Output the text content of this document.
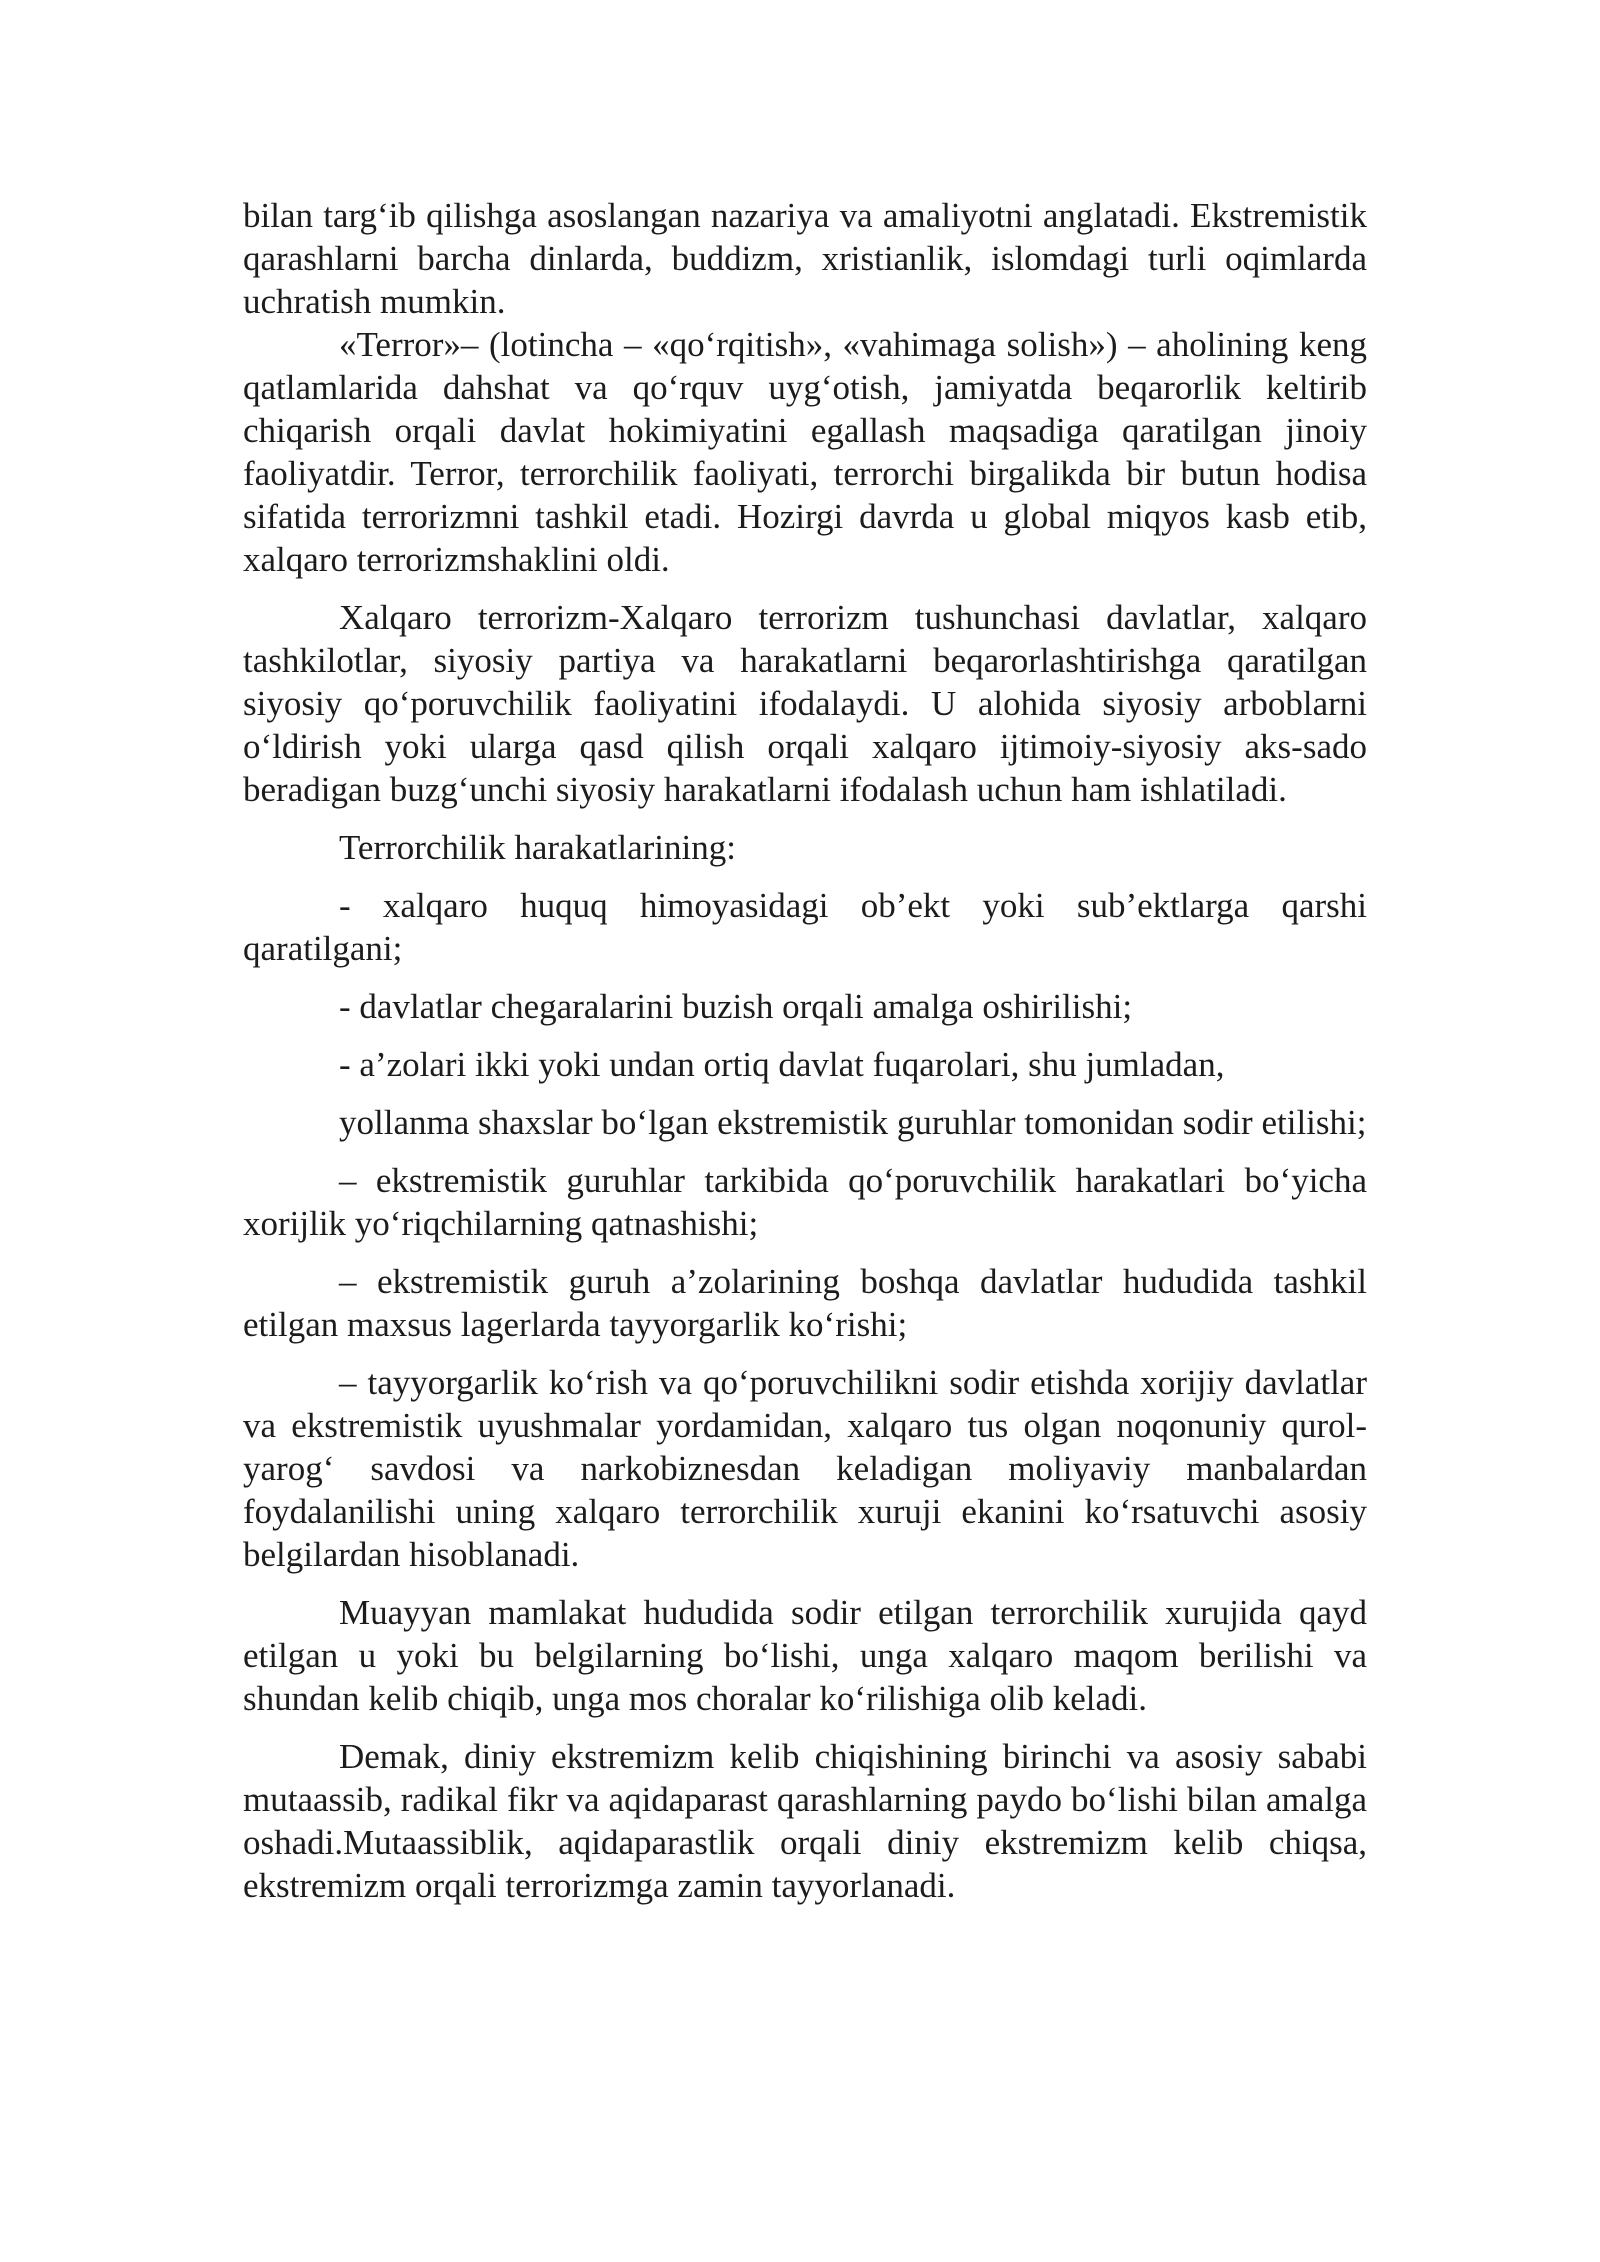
bilan targ‘ib qilishga asoslangan nazariya va amaliyotni anglatadi. Ekstremistik qarashlarni barcha dinlarda, buddizm, xristianlik, islomdagi turli oqimlarda uchratish mumkin.

«Terror»– (lotincha – «qo‘rqitish», «vahimaga solish») – aholining keng qatlamlarida dahshat va qo‘rquv uyg‘otish, jamiyatda beqarorlik keltirib chiqarish orqali davlat hokimiyatini egallash maqsadiga qaratilgan jinoiy faoliyatdir. Terror, terrorchilik faoliyati, terrorchi birgalikda bir butun hodisa sifatida terrorizmni tashkil etadi. Hozirgi davrda u global miqyos kasb etib, xalqaro terrorizmshaklini oldi.

Xalqaro terrorizm-Xalqaro terrorizm tushunchasi davlatlar, xalqaro tashkilotlar, siyosiy partiya va harakatlarni beqarorlashtirishga qaratilgan siyosiy qo‘poruvchilik faoliyatini ifodalaydi. U alohida siyosiy arboblarni o‘ldirish yoki ularga qasd qilish orqali xalqaro ijtimoiy-siyosiy aks-sado beradigan buzg‘unchi siyosiy harakatlarni ifodalash uchun ham ishlatiladi.

Terrorchilik harakatlarining:

- xalqaro huquq himoyasidagi ob’ekt yoki sub’ektlarga qarshi qaratilgani;

- davlatlar chegaralarini buzish orqali amalga oshirilishi;

- a’zolari ikki yoki undan ortiq davlat fuqarolari, shu jumladan,

yollanma shaxslar bo‘lgan ekstremistik guruhlar tomonidan sodir etilishi;

– ekstremistik guruhlar tarkibida qo‘poruvchilik harakatlari bo‘yicha xorijlik yo‘riqchilarning qatnashishi;

– ekstremistik guruh a’zolarining boshqa davlatlar hududida tashkil etilgan maxsus lagerlarda tayyorgarlik ko‘rishi;

– tayyorgarlik ko‘rish va qo‘poruvchilikni sodir etishda xorijiy davlatlar va ekstremistik uyushmalar yordamidan, xalqaro tus olgan noqonuniy qurol-yarog‘ savdosi va narkobiznesdan keladigan moliyaviy manbalardan foydalanilishi uning xalqaro terrorchilik xuruji ekanini ko‘rsatuvchi asosiy belgilardan hisoblanadi.

Muayyan mamlakat hududida sodir etilgan terrorchilik xurujida qayd etilgan u yoki bu belgilarning bo‘lishi, unga xalqaro maqom berilishi va shundan kelib chiqib, unga mos choralar ko‘rilishiga olib keladi.

Demak, diniy ekstremizm kelib chiqishining birinchi va asosiy sababi mutaassib, radikal fikr va aqidaparast qarashlarning paydo bo‘lishi bilan amalga oshadi.Mutaassiblik, aqidaparastlik orqali diniy ekstremizm kelib chiqsa, ekstremizm orqali terrorizmga zamin tayyorlanadi.
